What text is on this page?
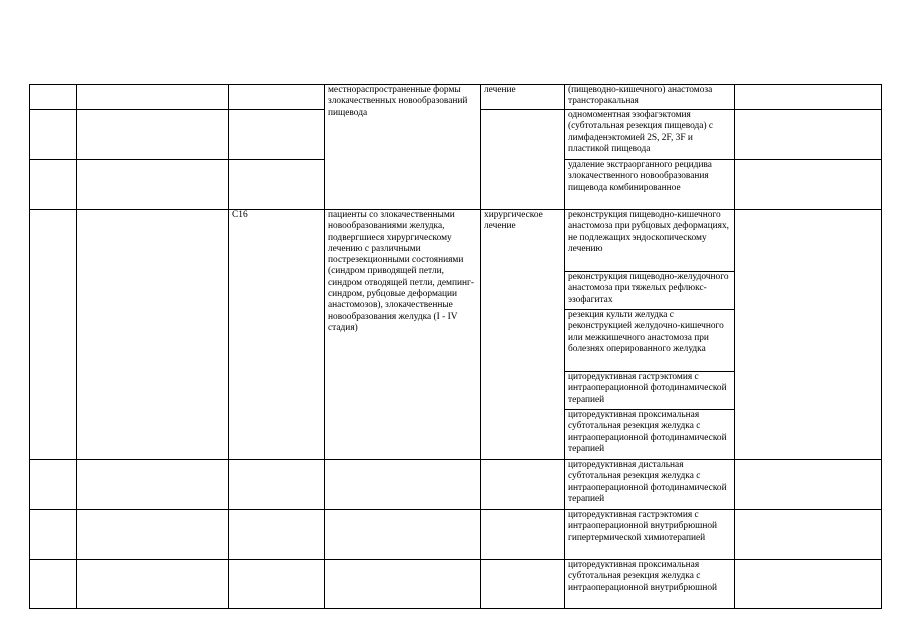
			местнораспространенные формы злокачественных новообразований пищевода	лечение	(пищеводно-кишечного) анастомоза трансторакальная	

					одномоментная эзофагэктомия (субтотальная резекция пищевода) с лимфаденэктомией 2S, 2F, 3F и пластикой пищевода	

					удаление экстраорганного рецидива злокачественного новообразования пищевода комбинированное	

		C16	пациенты со злокачественными новообразованиями желудка, подвергшиеся хирургическому лечению с различными пострезекционными состояниями (синдром приводящей петли, синдром отводящей петли, демпинг-синдром, рубцовые деформации анастомозов), злокачественные новообразования желудка (I - IV стадия)	хирургическое лечение	реконструкция пищеводно-кишечного анастомоза при рубцовых деформациях, не подлежащих эндоскопическому лечению	

					реконструкция пищеводно-желудочного анастомоза при тяжелых рефлюкс-эзофагитах	

					резекция культи желудка с реконструкцией желудочно-кишечного или межкишечного анастомоза при болезнях оперированного желудка	

					циторедуктивная гастрэктомия с интраоперационной фотодинамической терапией	

					циторедуктивная проксимальная субтотальная резекция желудка с интраоперационной фотодинамической терапией	

					циторедуктивная дистальная субтотальная резекция желудка с интраоперационной фотодинамической терапией	

					циторедуктивная гастрэктомия с интраоперационной внутрибрюшной гипертермической химиотерапией	

					циторедуктивная проксимальная субтотальная резекция желудка с интраоперационной внутрибрюшной	
